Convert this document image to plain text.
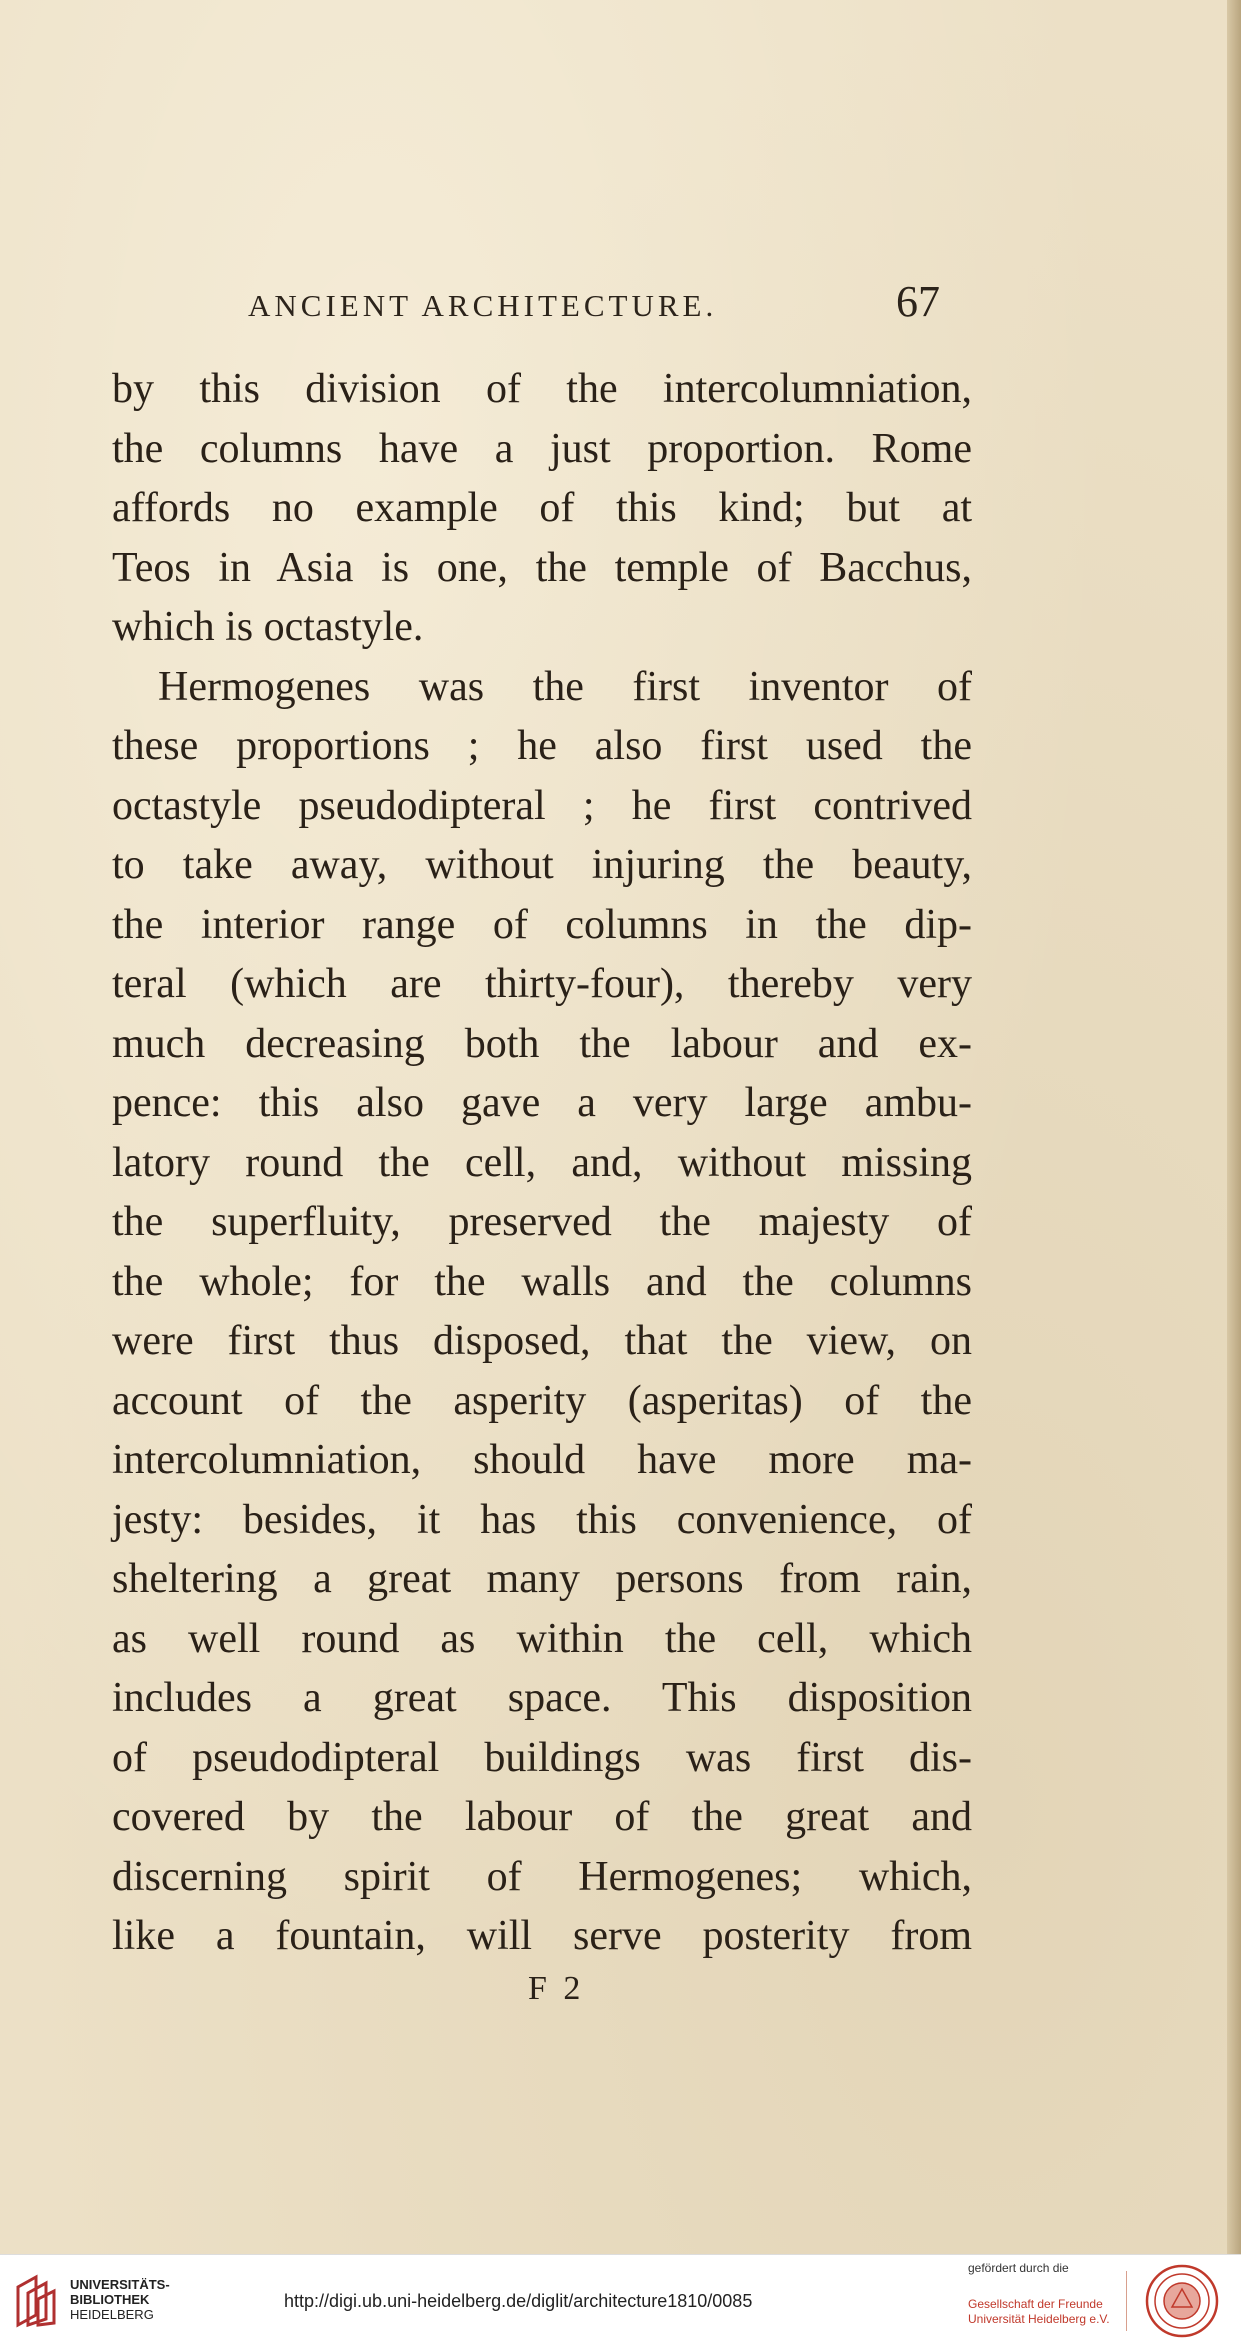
ANCIENT ARCHITECTURE.	67
by this division of the intercolumniation,
the columns have a just proportion. Rome
affords no example of this kind; but at
Teos in Asia is one, the temple of Bacchus,
which is octastyle.
Hermogenes was the first inventor of
these proportions ; he also first used the
octastyle pseudodipteral ; he first contrived
to take away, without injuring the beauty,
the interior range of columns in the dip-
teral (which are thirty-four), thereby very
much decreasing both the labour and ex-
pence: this also gave a very large ambu-
latory round the cell, and, without missing
the superfluity, preserved the majesty of
the whole; for the walls and the columns
were first thus disposed, that the view, on
account of the asperity (asperitas) of the
intercolumniation, should have more ma-
jesty: besides, it has this convenience, of
sheltering a great many persons from rain,
as well round as within the cell, which
includes a great space. This disposition
of pseudodipteral buildings was first dis-
covered by the labour of the great and
discerning spirit of Hermogenes; which,
like a fountain, will serve posterity from
F 2
UNIVERSITÄTS-
BIBLIOTHEK
HEIDELBERG
http://digi.ub.uni-heidelberg.de/diglit/architecture1810/0085
gefördert durch die
Gesellschaft der Freunde
Universität Heidelberg e.V.
